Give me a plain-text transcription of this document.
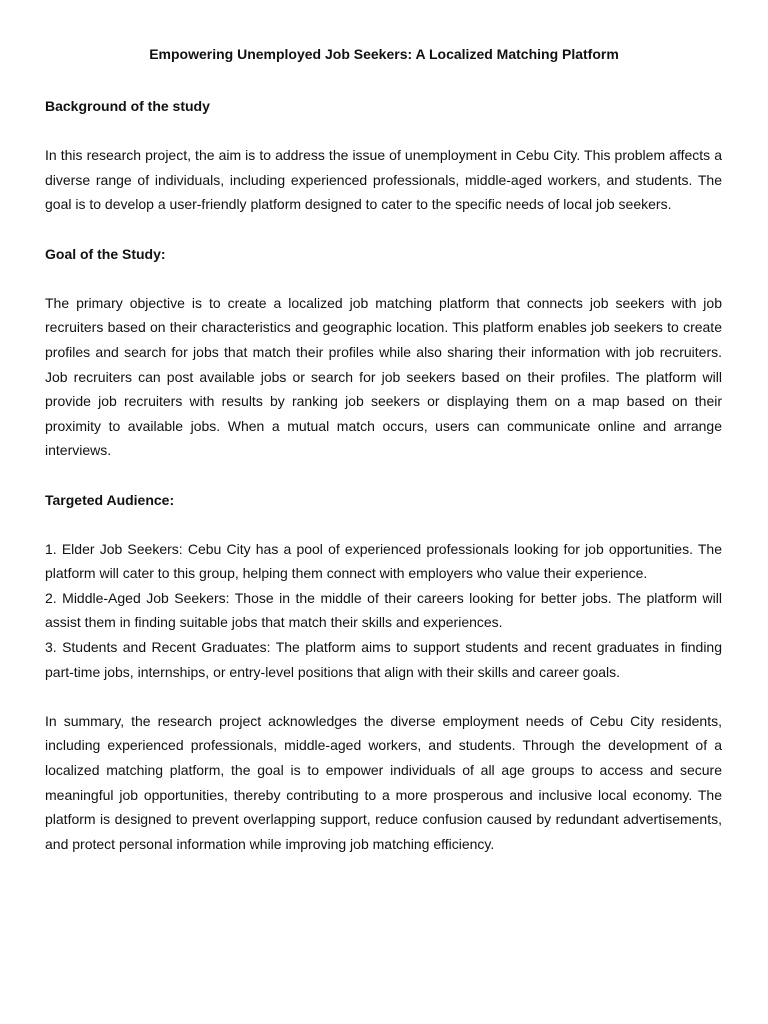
Empowering Unemployed Job Seekers: A Localized Matching Platform
Background of the study

In this research project, the aim is to address the issue of unemployment in Cebu City. This problem affects a diverse range of individuals, including experienced professionals, middle-aged workers, and students. The goal is to develop a user-friendly platform designed to cater to the specific needs of local job seekers.

Goal of the Study:

The primary objective is to create a localized job matching platform that connects job seekers with job recruiters based on their characteristics and geographic location. This platform enables job seekers to create profiles and search for jobs that match their profiles while also sharing their information with job recruiters. Job recruiters can post available jobs or search for job seekers based on their profiles. The platform will provide job recruiters with results by ranking job seekers or displaying them on a map based on their proximity to available jobs. When a mutual match occurs, users can communicate online and arrange interviews.

Targeted Audience:

1. Elder Job Seekers: Cebu City has a pool of experienced professionals looking for job opportunities. The platform will cater to this group, helping them connect with employers who value their experience.

2. Middle-Aged Job Seekers: Those in the middle of their careers looking for better jobs. The platform will assist them in finding suitable jobs that match their skills and experiences.

3. Students and Recent Graduates: The platform aims to support students and recent graduates in finding part-time jobs, internships, or entry-level positions that align with their skills and career goals.

In summary, the research project acknowledges the diverse employment needs of Cebu City residents, including experienced professionals, middle-aged workers, and students. Through the development of a localized matching platform, the goal is to empower individuals of all age groups to access and secure meaningful job opportunities, thereby contributing to a more prosperous and inclusive local economy. The platform is designed to prevent overlapping support, reduce confusion caused by redundant advertisements, and protect personal information while improving job matching efficiency.
